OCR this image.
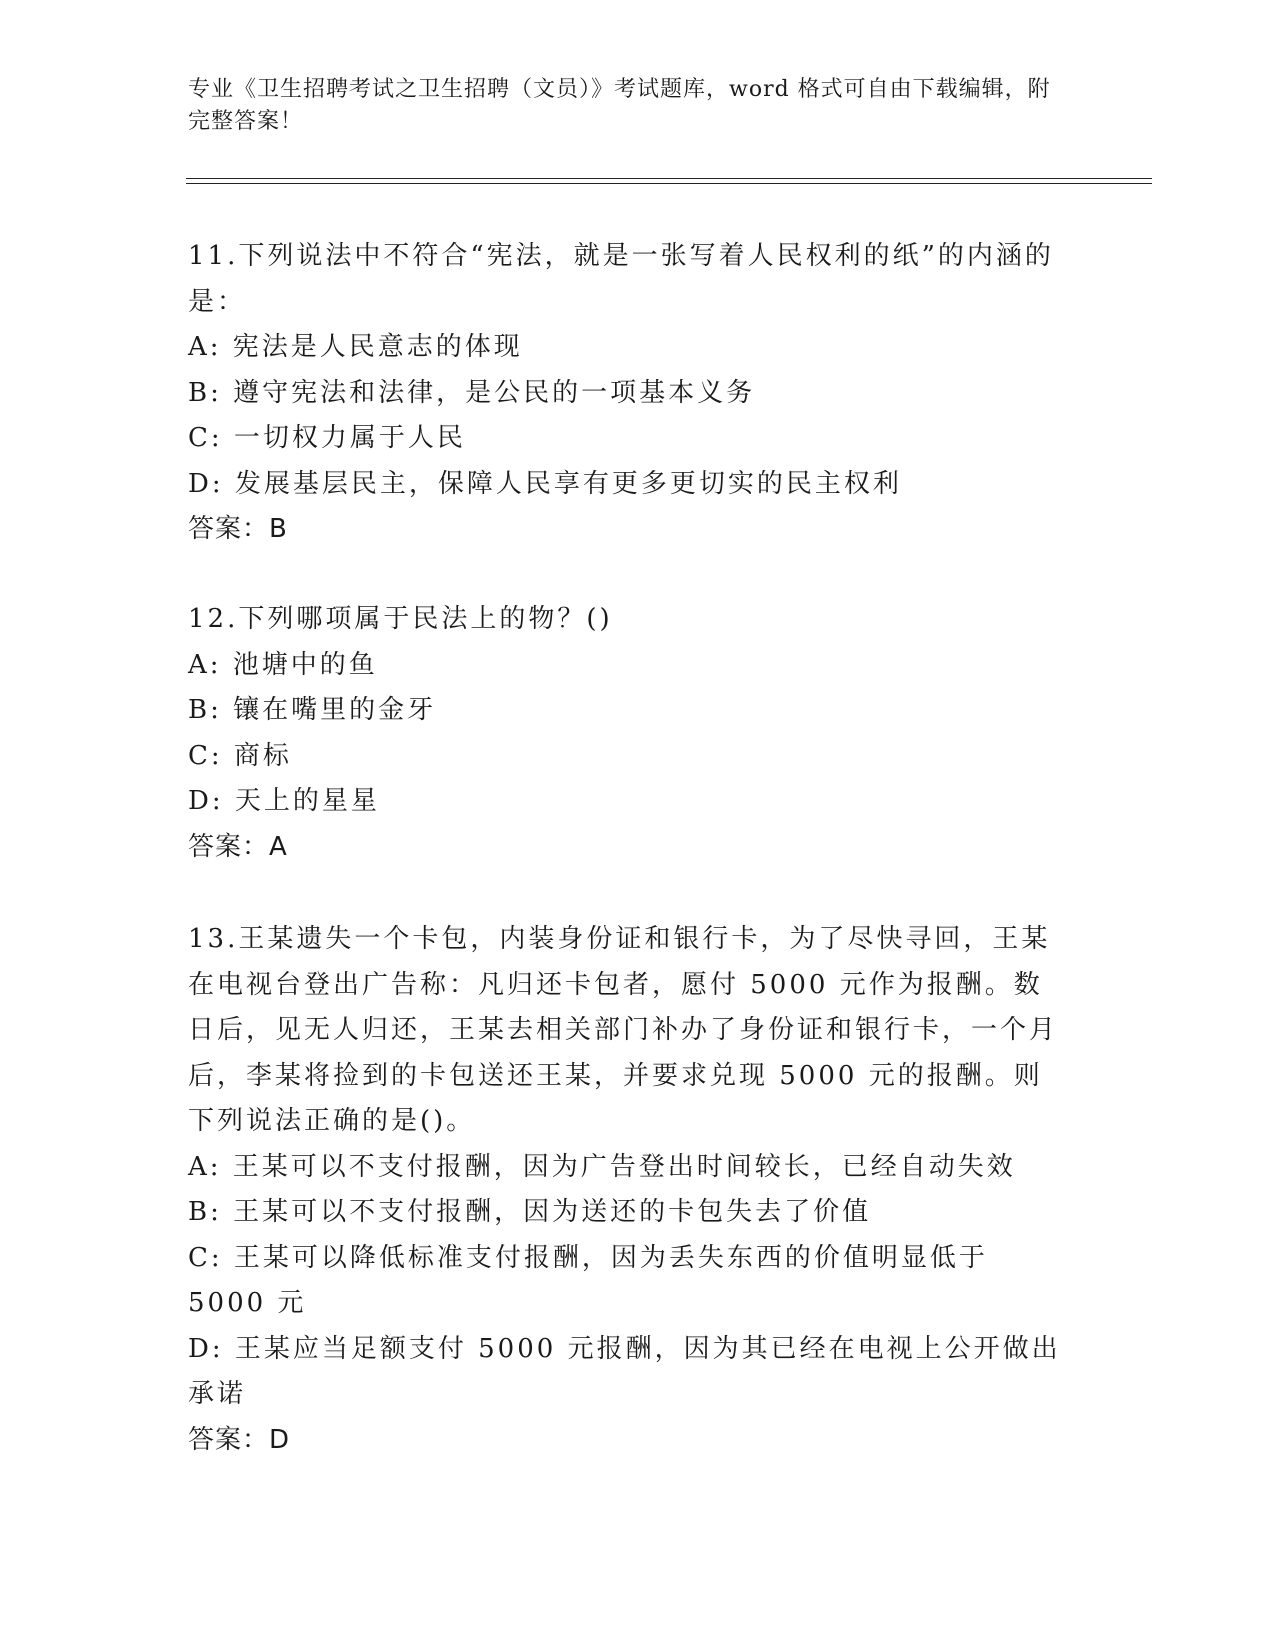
专业《卫生招聘考试之卫生招聘（文员）》考试题库，word 格式可自由下载编辑，附完整答案！

11.下列说法中不符合“宪法，就是一张写着人民权利的纸”的内涵的是：

A: 宪法是人民意志的体现

B: 遵守宪法和法律，是公民的一项基本义务

C: 一切权力属于人民

D: 发展基层民主，保障人民享有更多更切实的民主权利

答案：B

12.下列哪项属于民法上的物？()

A: 池塘中的鱼

B: 镶在嘴里的金牙

C: 商标

D: 天上的星星

答案：A

13.王某遗失一个卡包，内装身份证和银行卡，为了尽快寻回，王某在电视台登出广告称：凡归还卡包者，愿付 5000 元作为报酬。数日后，见无人归还，王某去相关部门补办了身份证和银行卡，一个月后，李某将捡到的卡包送还王某，并要求兑现 5000 元的报酬。则下列说法正确的是()。

A: 王某可以不支付报酬，因为广告登出时间较长，已经自动失效

B: 王某可以不支付报酬，因为送还的卡包失去了价值

C: 王某可以降低标准支付报酬，因为丢失东西的价值明显低于 5000 元

D: 王某应当足额支付 5000 元报酬，因为其已经在电视上公开做出承诺

答案：D
